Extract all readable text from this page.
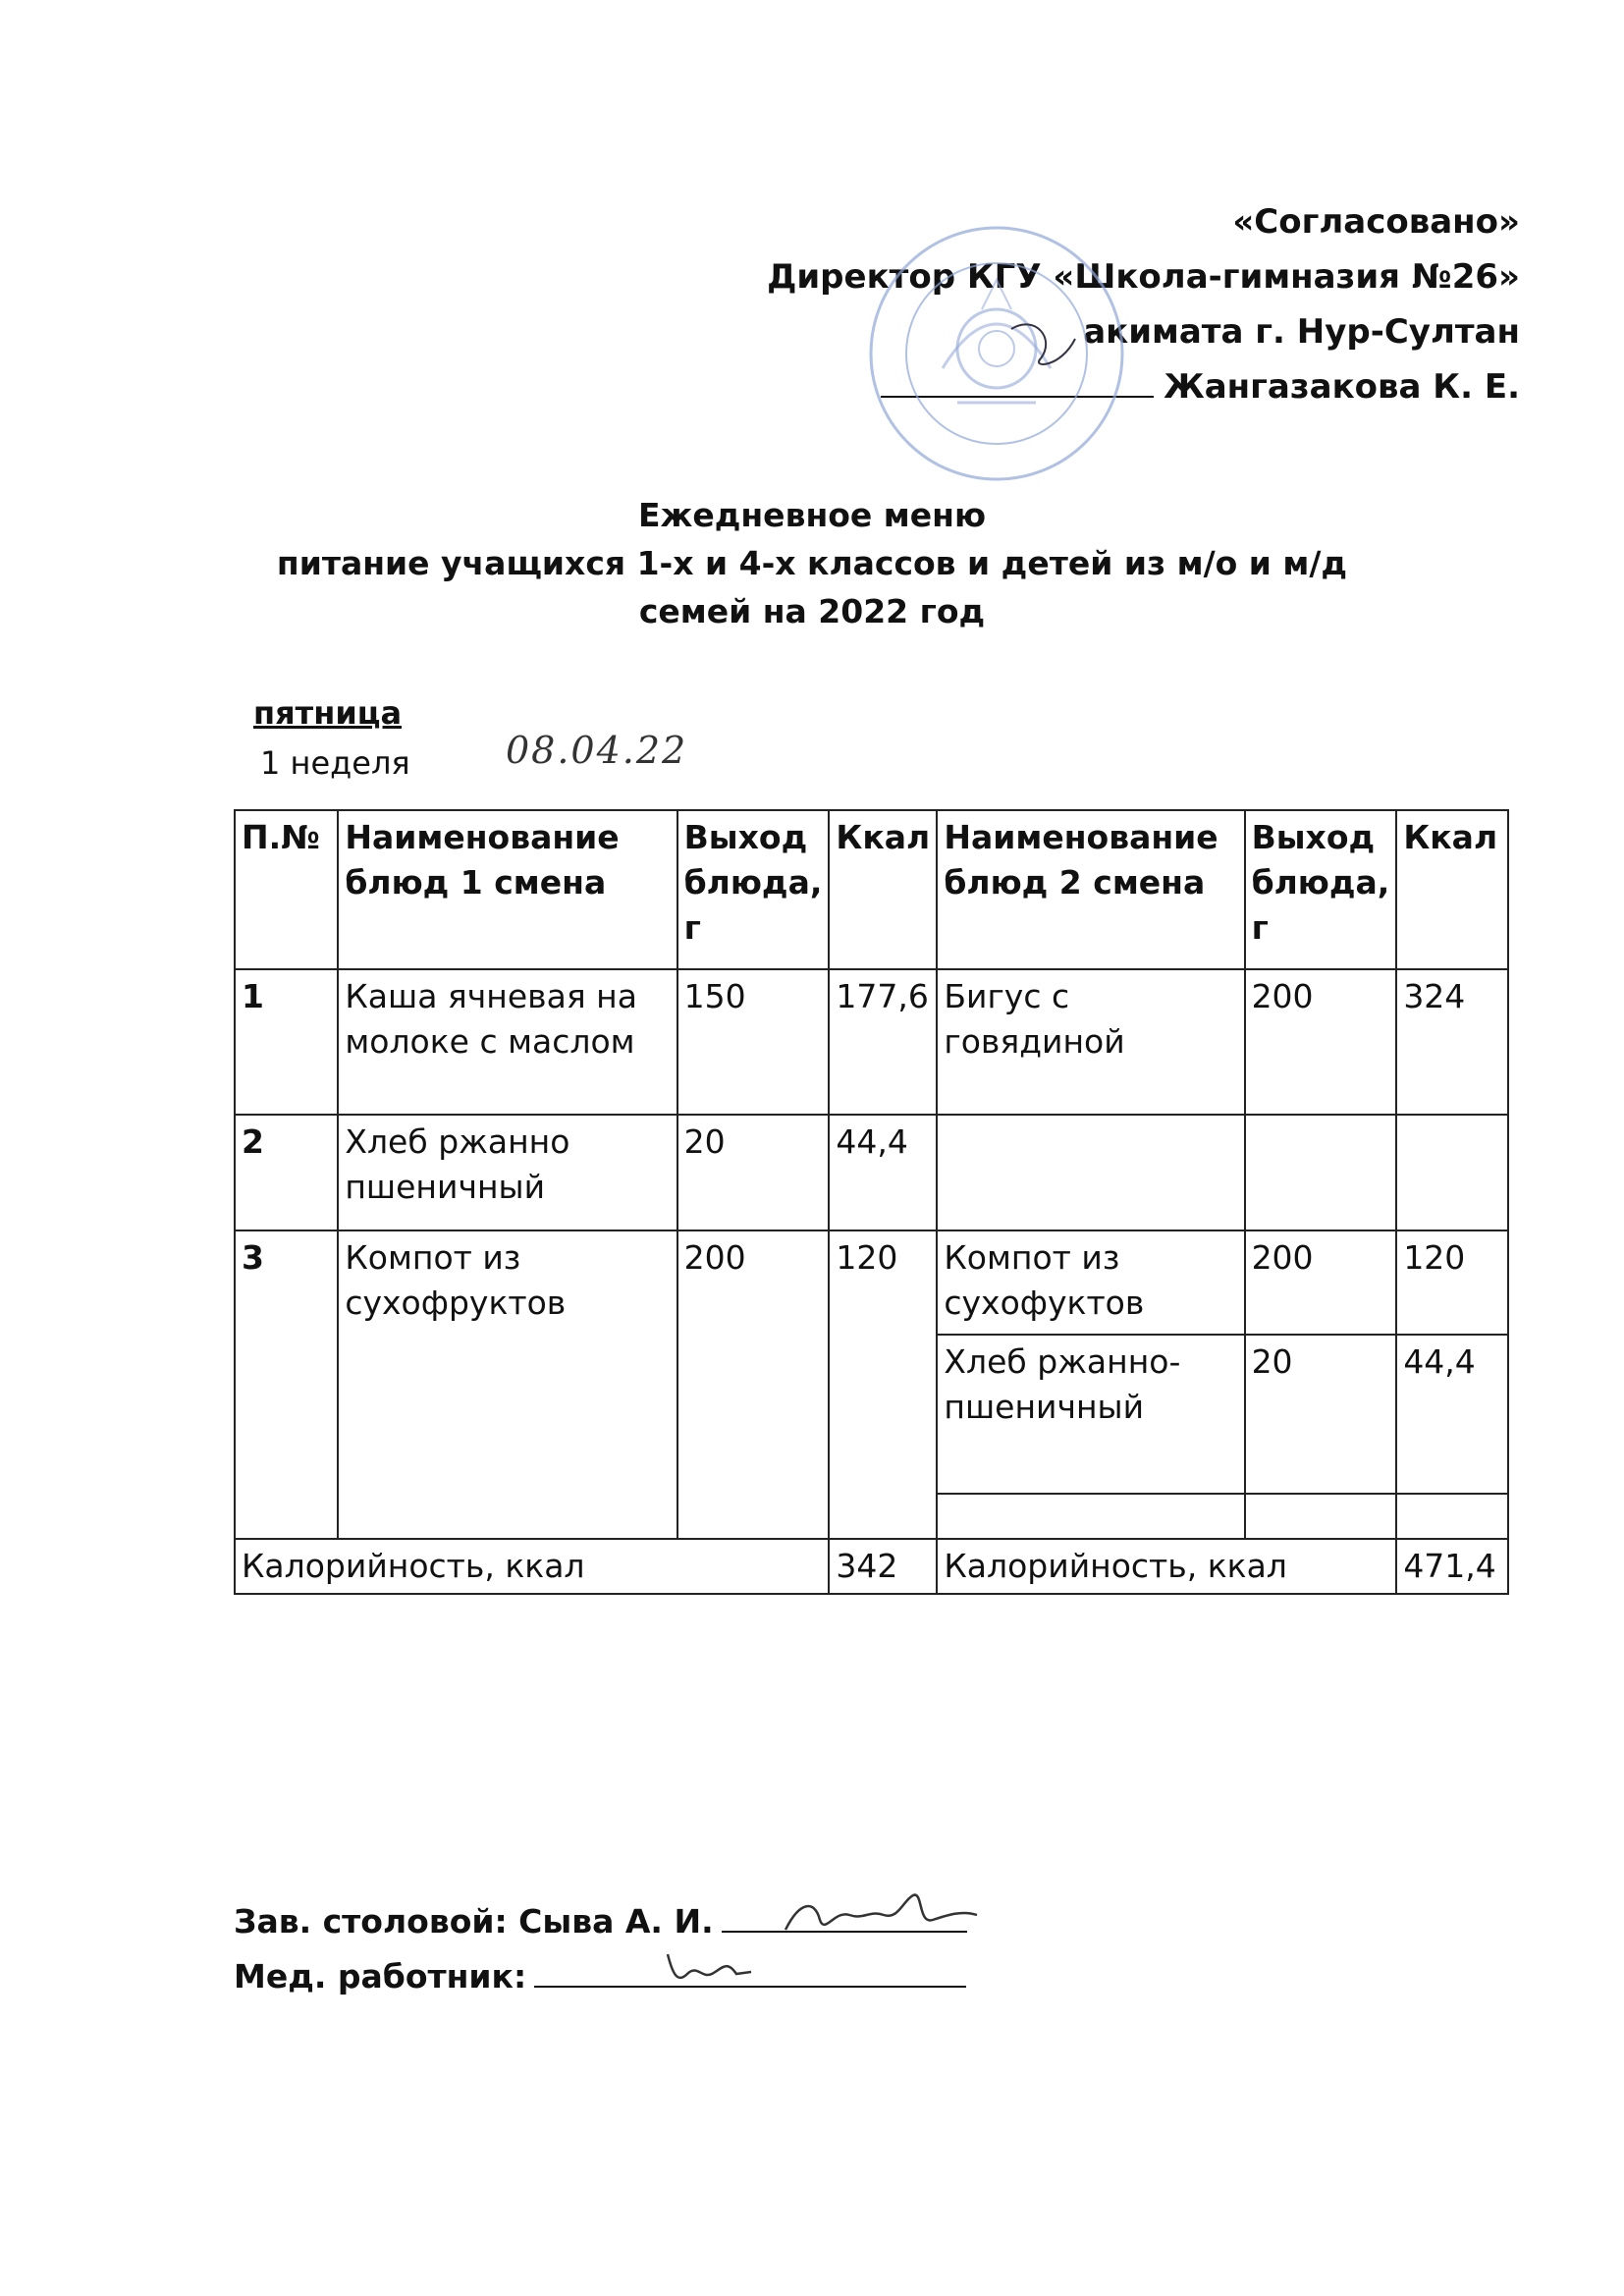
«Согласовано»
Директор КГУ «Школа-гимназия №26»
акимата г. Нур-Султан
Жангазакова К. Е.
Ежедневное меню
питание учащихся 1-х и 4-х классов и детей из м/о и м/д
семей на 2022 год
пятница
1 неделя	08.04.22
П.№	Наименование блюд 1 смена	Выход блюда, г	Ккал	Наименование блюд 2 смена	Выход блюда, г	Ккал
1	Каша ячневая на молоке с маслом	150	177,6	Бигус с говядиной	200	324
2	Хлеб ржанно пшеничный	20	44,4			
3	Компот из сухофруктов	200	120	Компот из сухофуктов	200	120
				Хлеб ржанно-пшеничный	20	44,4

Калорийность, ккал			342	Калорийность, ккал		471,4
Зав. столовой: Сыва А. И.
Мед. работник:
